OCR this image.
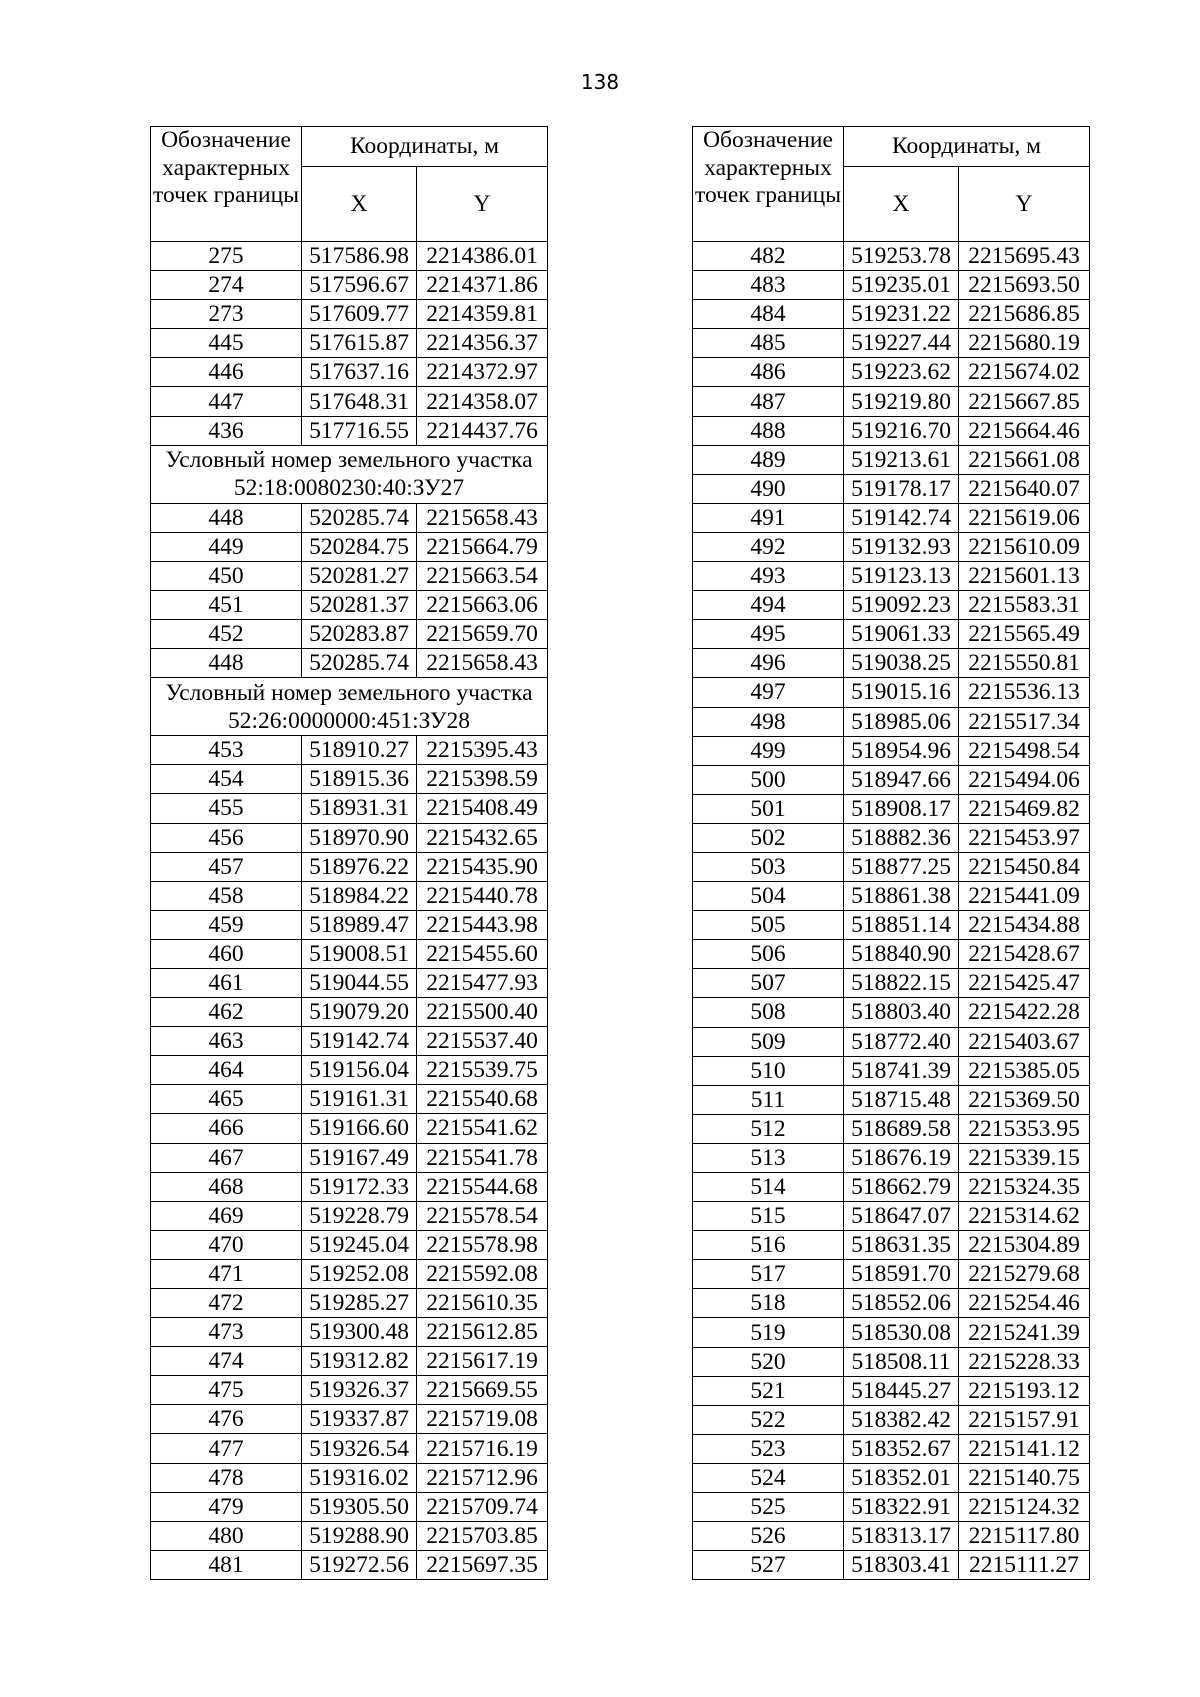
138
Обозначение характерных точек границы	Координаты, м	
	X	Y
275	517586.98	2214386.01
274	517596.67	2214371.86
273	517609.77	2214359.81
445	517615.87	2214356.37
446	517637.16	2214372.97
447	517648.31	2214358.07
436	517716.55	2214437.76
Условный номер земельного участка 52:18:0080230:40:ЗУ27		
448	520285.74	2215658.43
449	520284.75	2215664.79
450	520281.27	2215663.54
451	520281.37	2215663.06
452	520283.87	2215659.70
448	520285.74	2215658.43
Условный номер земельного участка 52:26:0000000:451:ЗУ28		
453	518910.27	2215395.43
454	518915.36	2215398.59
455	518931.31	2215408.49
456	518970.90	2215432.65
457	518976.22	2215435.90
458	518984.22	2215440.78
459	518989.47	2215443.98
460	519008.51	2215455.60
461	519044.55	2215477.93
462	519079.20	2215500.40
463	519142.74	2215537.40
464	519156.04	2215539.75
465	519161.31	2215540.68
466	519166.60	2215541.62
467	519167.49	2215541.78
468	519172.33	2215544.68
469	519228.79	2215578.54
470	519245.04	2215578.98
471	519252.08	2215592.08
472	519285.27	2215610.35
473	519300.48	2215612.85
474	519312.82	2215617.19
475	519326.37	2215669.55
476	519337.87	2215719.08
477	519326.54	2215716.19
478	519316.02	2215712.96
479	519305.50	2215709.74
480	519288.90	2215703.85
481	519272.56	2215697.35
Обозначение характерных точек границы	Координаты, м	
	X	Y
482	519253.78	2215695.43
483	519235.01	2215693.50
484	519231.22	2215686.85
485	519227.44	2215680.19
486	519223.62	2215674.02
487	519219.80	2215667.85
488	519216.70	2215664.46
489	519213.61	2215661.08
490	519178.17	2215640.07
491	519142.74	2215619.06
492	519132.93	2215610.09
493	519123.13	2215601.13
494	519092.23	2215583.31
495	519061.33	2215565.49
496	519038.25	2215550.81
497	519015.16	2215536.13
498	518985.06	2215517.34
499	518954.96	2215498.54
500	518947.66	2215494.06
501	518908.17	2215469.82
502	518882.36	2215453.97
503	518877.25	2215450.84
504	518861.38	2215441.09
505	518851.14	2215434.88
506	518840.90	2215428.67
507	518822.15	2215425.47
508	518803.40	2215422.28
509	518772.40	2215403.67
510	518741.39	2215385.05
511	518715.48	2215369.50
512	518689.58	2215353.95
513	518676.19	2215339.15
514	518662.79	2215324.35
515	518647.07	2215314.62
516	518631.35	2215304.89
517	518591.70	2215279.68
518	518552.06	2215254.46
519	518530.08	2215241.39
520	518508.11	2215228.33
521	518445.27	2215193.12
522	518382.42	2215157.91
523	518352.67	2215141.12
524	518352.01	2215140.75
525	518322.91	2215124.32
526	518313.17	2215117.80
527	518303.41	2215111.27
